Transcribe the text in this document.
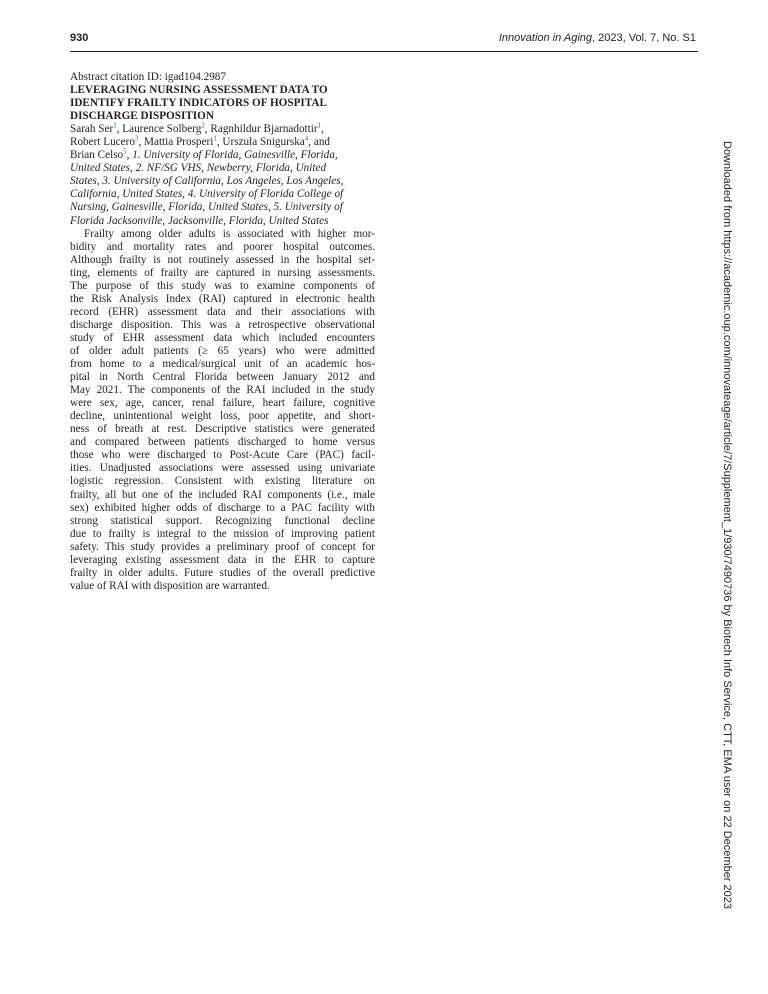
930	Innovation in Aging, 2023, Vol. 7, No. S1
Abstract citation ID: igad104.2987
LEVERAGING NURSING ASSESSMENT DATA TO
IDENTIFY FRAILTY INDICATORS OF HOSPITAL
DISCHARGE DISPOSITION
Sarah Ser$^1$, Laurence Solberg$^2$, Ragnhildur Bjarnadottir$^1$,
Robert Lucero$^3$, Mattia Prosperi$^1$, Urszula Snigurska$^4$, and
Brian Celso$^5$, 1. University of Florida, Gainesville, Florida,
United States, 2. NF/SG VHS, Newberry, Florida, United
States, 3. University of California, Los Angeles, Los Angeles,
California, United States, 4. University of Florida College of
Nursing, Gainesville, Florida, United States, 5. University of
Florida Jacksonville, Jacksonville, Florida, United States
Frailty among older adults is associated with higher mor-
bidity and mortality rates and poorer hospital outcomes.
Although frailty is not routinely assessed in the hospital set-
ting, elements of frailty are captured in nursing assessments.
The purpose of this study was to examine components of
the Risk Analysis Index (RAI) captured in electronic health
record (EHR) assessment data and their associations with
discharge disposition. This was a retrospective observational
study of EHR assessment data which included encounters
of older adult patients (≥ 65 years) who were admitted
from home to a medical/surgical unit of an academic hos-
pital in North Central Florida between January 2012 and
May 2021. The components of the RAI included in the study
were sex, age, cancer, renal failure, heart failure, cognitive
decline, unintentional weight loss, poor appetite, and short-
ness of breath at rest. Descriptive statistics were generated
and compared between patients discharged to home versus
those who were discharged to Post-Acute Care (PAC) facil-
ities. Unadjusted associations were assessed using univariate
logistic regression. Consistent with existing literature on
frailty, all but one of the included RAI components (i.e., male
sex) exhibited higher odds of discharge to a PAC facility with
strong statistical support. Recognizing functional decline
due to frailty is integral to the mission of improving patient
safety. This study provides a preliminary proof of concept for
leveraging existing assessment data in the EHR to capture
frailty in older adults. Future studies of the overall predictive
value of RAI with disposition are warranted.	Downloaded from https://academic.oup.com/innovateage/article/7/Supplement_1/930/7490736 by Biotech Info Service, CTT, EMA user on 22 December 2023
